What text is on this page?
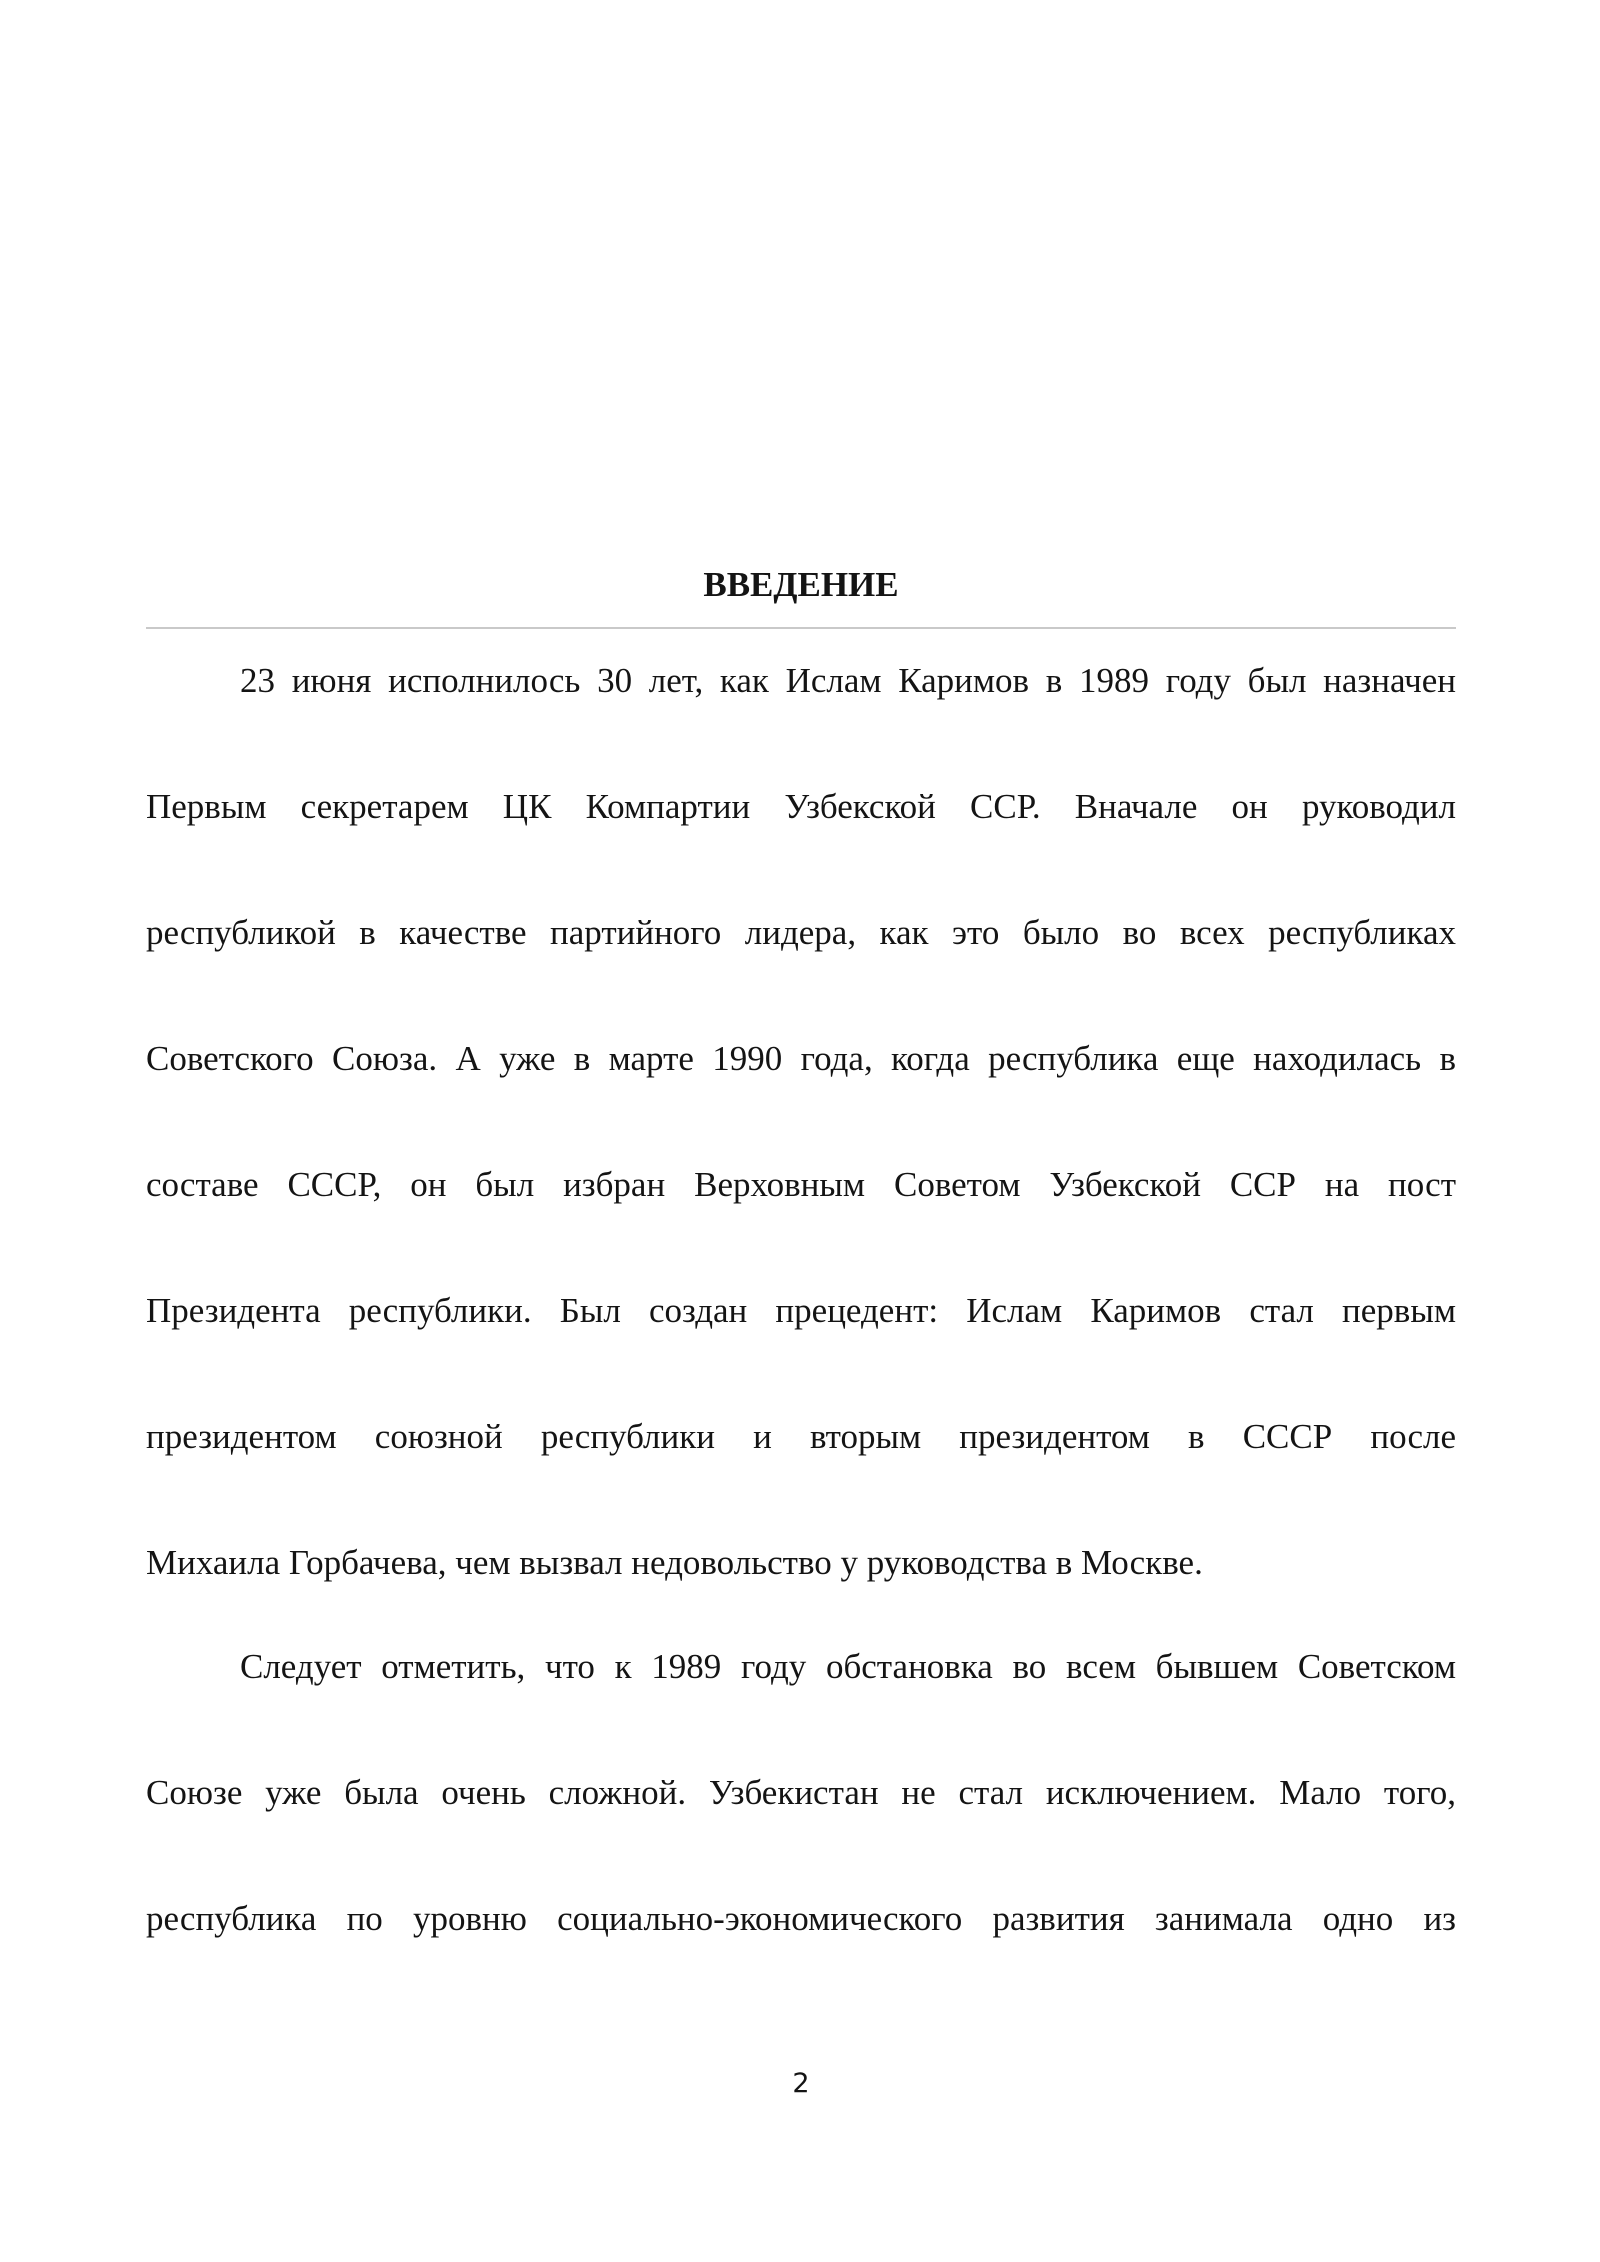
ВВЕДЕНИЕ

23 июня исполнилось 30 лет, как Ислам Каримов в 1989 году был назначен

Первым секретарем ЦК Компартии Узбекской ССР. Вначале он руководил

республикой в качестве партийного лидера, как это было во всех республиках

Советского Союза. А уже в марте 1990 года, когда республика еще находилась в

составе СССР, он был избран Верховным Советом Узбекской ССР на пост

Президента республики. Был создан прецедент: Ислам Каримов стал первым

президентом союзной республики и вторым президентом в СССР после

Михаила Горбачева, чем вызвал недовольство у руководства в Москве.

Следует отметить, что к 1989 году обстановка во всем бывшем Советском

Союзе уже была очень сложной. Узбекистан не стал исключением. Мало того,

республика по уровню социально-экономического развития занимала одно из

2
